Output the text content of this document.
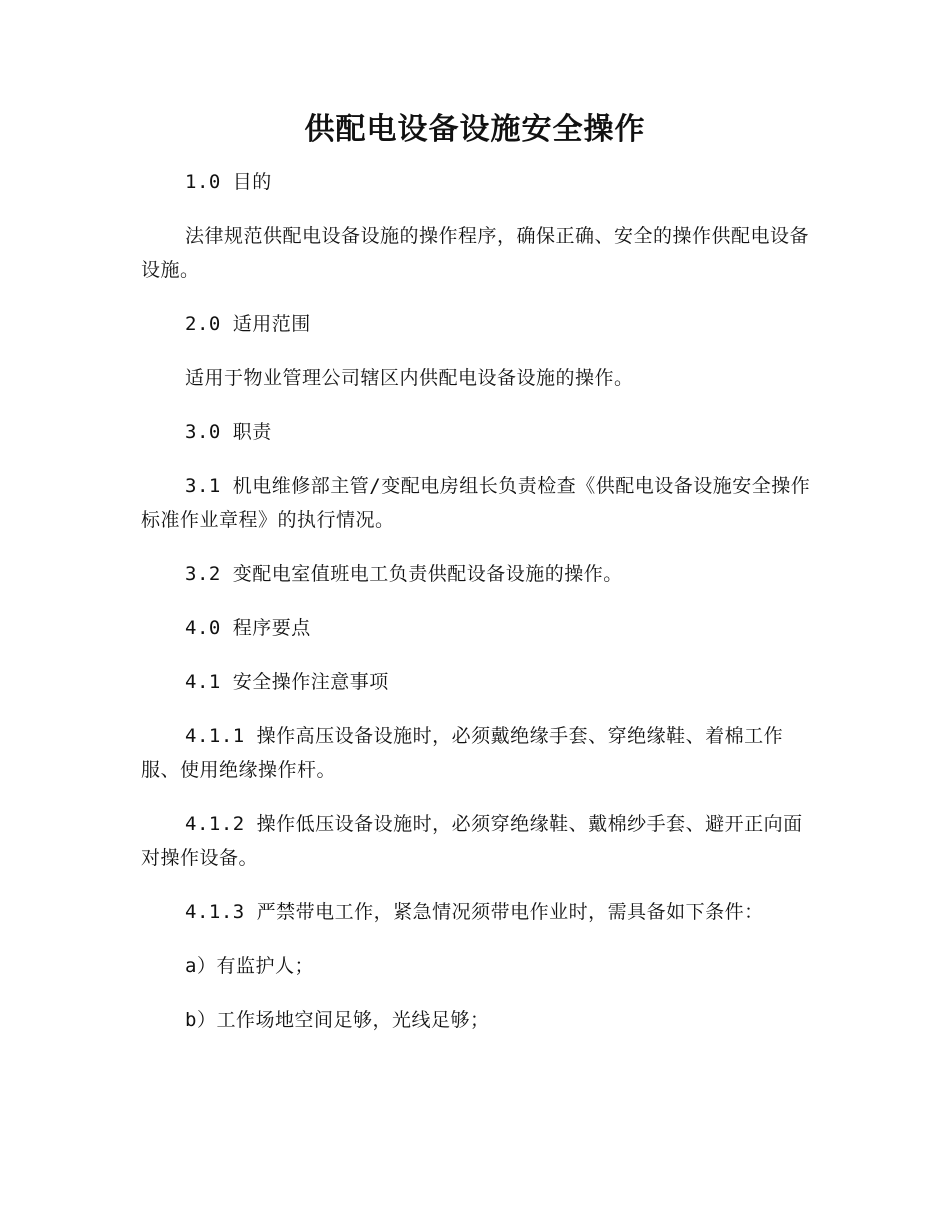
供配电设备设施安全操作

1.0 目的

法律规范供配电设备设施的操作程序，确保正确、安全的操作供配电设备设施。

2.0 适用范围

适用于物业管理公司辖区内供配电设备设施的操作。

3.0 职责

3.1 机电维修部主管/变配电房组长负责检查《供配电设备设施安全操作标准作业章程》的执行情况。

3.2 变配电室值班电工负责供配设备设施的操作。

4.0 程序要点

4.1 安全操作注意事项

4.1.1 操作高压设备设施时，必须戴绝缘手套、穿绝缘鞋、着棉工作服、使用绝缘操作杆。

4.1.2 操作低压设备设施时，必须穿绝缘鞋、戴棉纱手套、避开正向面对操作设备。

4.1.3 严禁带电工作，紧急情况须带电作业时，需具备如下条件：

a）有监护人；

b）工作场地空间足够，光线足够；
